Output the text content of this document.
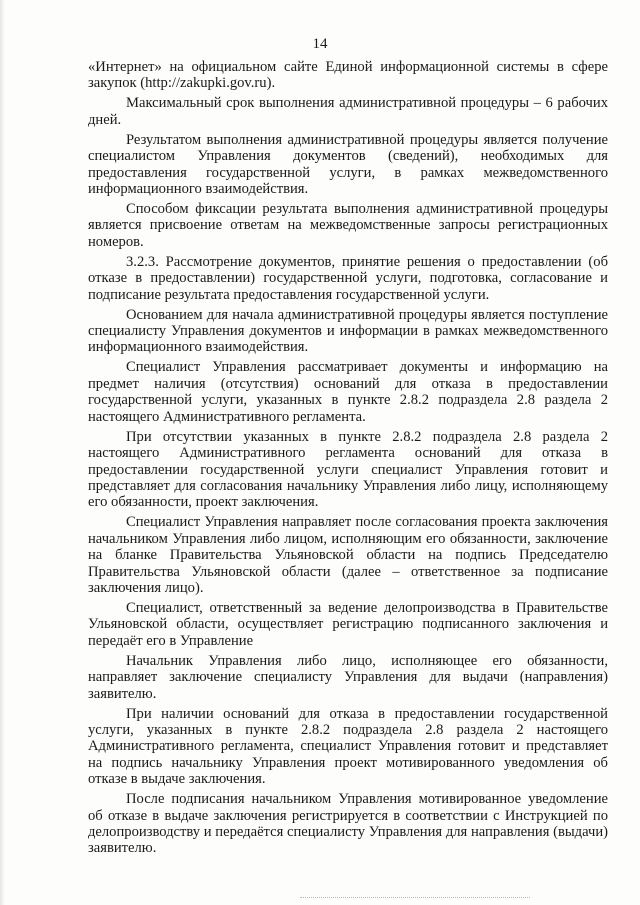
14

«Интернет» на официальном сайте Единой информационной системы в сфере закупок (http://zakupki.gov.ru).

Максимальный срок выполнения административной процедуры – 6 рабочих дней.

Результатом выполнения административной процедуры является получение специалистом Управления документов (сведений), необходимых для предоставления государственной услуги, в рамках межведомственного информационного взаимодействия.

Способом фиксации результата выполнения административной процедуры является присвоение ответам на межведомственные запросы регистрационных номеров.

3.2.3. Рассмотрение документов, принятие решения о предоставлении (об отказе в предоставлении) государственной услуги, подготовка, согласование и подписание результата предоставления государственной услуги.

Основанием для начала административной процедуры является поступление специалисту Управления документов и информации в рамках межведомственного информационного взаимодействия.

Специалист Управления рассматривает документы и информацию на предмет наличия (отсутствия) оснований для отказа в предоставлении государственной услуги, указанных в пункте 2.8.2 подраздела 2.8 раздела 2 настоящего Административного регламента.

При отсутствии указанных в пункте 2.8.2 подраздела 2.8 раздела 2 настоящего Административного регламента оснований для отказа в предоставлении государственной услуги специалист Управления готовит и представляет для согласования начальнику Управления либо лицу, исполняющему его обязанности, проект заключения.

Специалист Управления направляет после согласования проекта заключения начальником Управления либо лицом, исполняющим его обязанности, заключение на бланке Правительства Ульяновской области на подпись Председателю Правительства Ульяновской области (далее – ответственное за подписание заключения лицо).

Специалист, ответственный за ведение делопроизводства в Правительстве Ульяновской области, осуществляет регистрацию подписанного заключения и передаёт его в Управление

Начальник Управления либо лицо, исполняющее его обязанности, направляет заключение специалисту Управления для выдачи (направления) заявителю.

При наличии оснований для отказа в предоставлении государственной услуги, указанных в пункте 2.8.2 подраздела 2.8 раздела 2 настоящего Административного регламента, специалист Управления готовит и представляет на подпись начальнику Управления проект мотивированного уведомления об отказе в выдаче заключения.

После подписания начальником Управления мотивированное уведомление об отказе в выдаче заключения регистрируется в соответствии с Инструкцией по делопроизводству и передаётся специалисту Управления для направления (выдачи) заявителю.
